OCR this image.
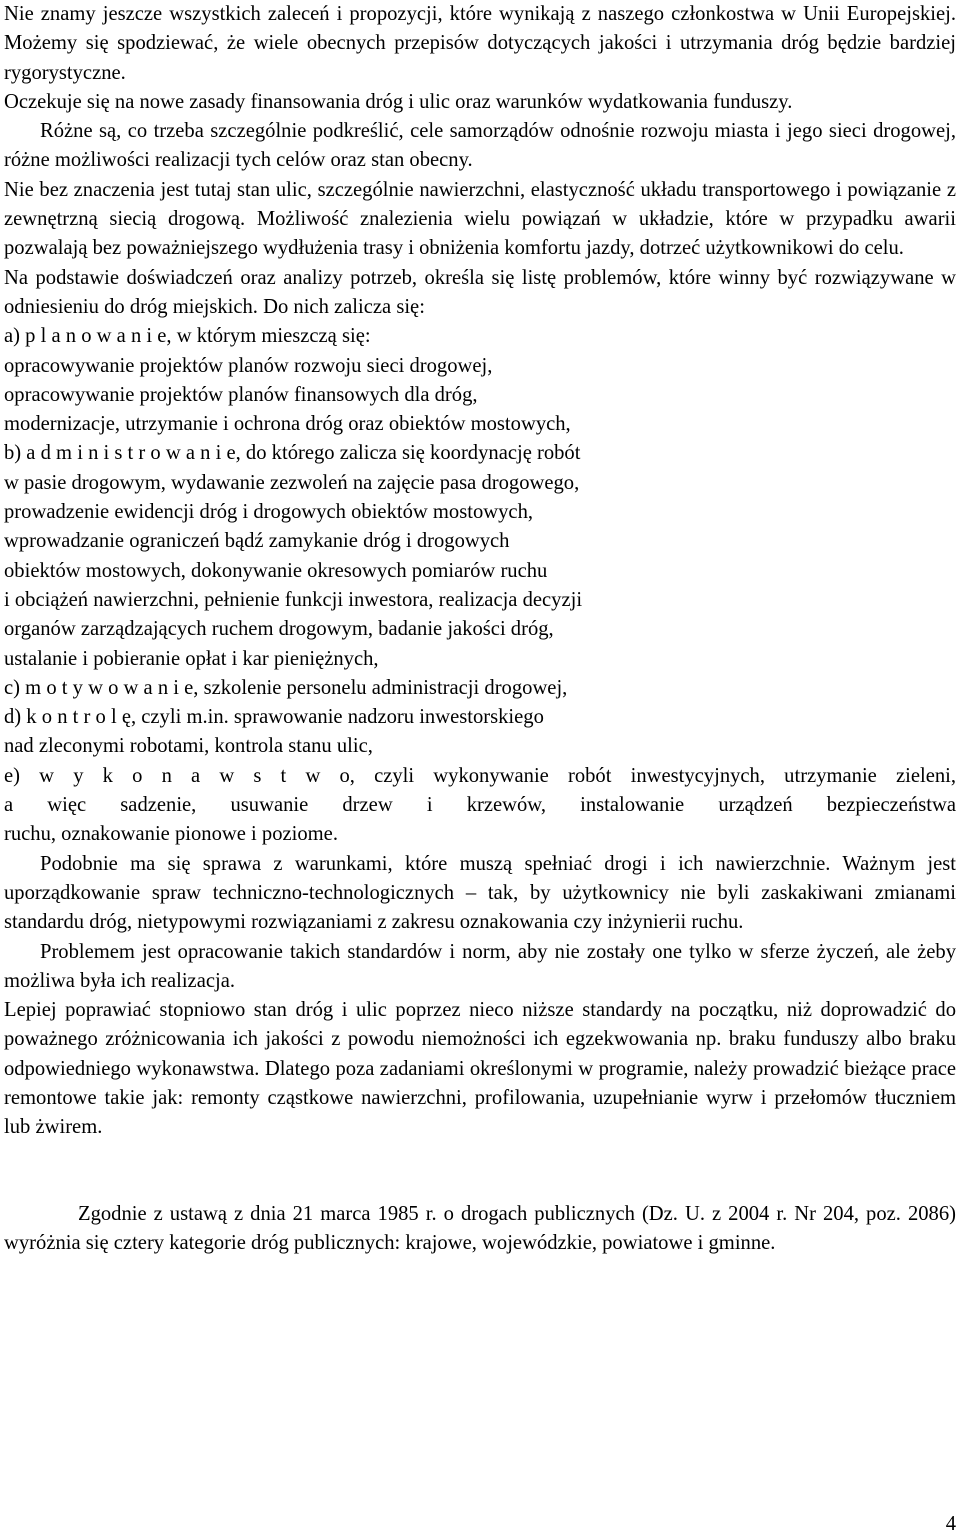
Nie znamy jeszcze wszystkich zaleceń i propozycji, które wynikają z naszego członkostwa w Unii Europejskiej. Możemy się spodziewać, że wiele obecnych przepisów dotyczących jakości i utrzymania dróg będzie bardziej rygorystyczne.

Oczekuje się na nowe zasady finansowania dróg i ulic oraz warunków wydatkowania funduszy.

Różne są, co trzeba szczególnie podkreślić, cele samorządów odnośnie rozwoju miasta i jego sieci drogowej, różne możliwości realizacji tych celów oraz stan obecny.

Nie bez znaczenia jest tutaj stan ulic, szczególnie nawierzchni, elastyczność układu transportowego i powiązanie z zewnętrzną siecią drogową. Możliwość znalezienia wielu powiązań w układzie, które w przypadku awarii pozwalają bez poważniejszego wydłużenia trasy i obniżenia komfortu jazdy, dotrzeć użytkownikowi do celu.

Na podstawie doświadczeń oraz analizy potrzeb, określa się listę problemów, które winny być rozwiązywane w odniesieniu do dróg miejskich. Do nich zalicza się:

a) p l a n o w a n i e, w którym mieszczą się:

opracowywanie projektów planów rozwoju sieci drogowej,

opracowywanie projektów planów finansowych dla dróg,

modernizacje, utrzymanie i ochrona dróg oraz obiektów mostowych,

b) a d m i n i s t r o w a n i e, do którego zalicza się koordynację robót

w pasie drogowym, wydawanie zezwoleń na zajęcie pasa drogowego,

prowadzenie ewidencji dróg i drogowych obiektów mostowych,

wprowadzanie ograniczeń bądź zamykanie dróg i drogowych

obiektów mostowych, dokonywanie okresowych pomiarów ruchu

i obciążeń nawierzchni, pełnienie funkcji inwestora, realizacja decyzji

organów zarządzających ruchem drogowym, badanie jakości dróg,

ustalanie i pobieranie opłat i kar pieniężnych,

c) m o t y w o w a n i e, szkolenie personelu administracji drogowej,

d) k o n t r o l ę, czyli m.in. sprawowanie nadzoru inwestorskiego

nad zleconymi robotami, kontrola stanu ulic,

e) w y k o n a w s t w o, czyli wykonywanie robót inwestycyjnych, utrzymanie zieleni,

a więc sadzenie, usuwanie drzew i krzewów, instalowanie urządzeń bezpieczeństwa

ruchu, oznakowanie pionowe i poziome.

Podobnie ma się sprawa z warunkami, które muszą spełniać drogi i ich nawierzchnie. Ważnym jest uporządkowanie spraw techniczno-technologicznych – tak, by użytkownicy nie byli zaskakiwani zmianami standardu dróg, nietypowymi rozwiązaniami z zakresu oznakowania czy inżynierii ruchu.

Problemem jest opracowanie takich standardów i norm, aby nie zostały one tylko w sferze życzeń, ale żeby możliwa była ich realizacja.

Lepiej poprawiać stopniowo stan dróg i ulic poprzez nieco niższe standardy na początku, niż doprowadzić do poważnego zróżnicowania ich jakości z powodu niemożności ich egzekwowania np. braku funduszy albo braku odpowiedniego wykonawstwa. Dlatego poza zadaniami określonymi w programie, należy prowadzić bieżące prace remontowe takie jak: remonty cząstkowe nawierzchni, profilowania, uzupełnianie wyrw i przełomów tłuczniem lub żwirem.

Zgodnie z ustawą z dnia 21 marca 1985 r. o drogach publicznych (Dz. U. z 2004 r. Nr 204, poz. 2086) wyróżnia się cztery kategorie dróg publicznych: krajowe, wojewódzkie, powiatowe i gminne.

4
